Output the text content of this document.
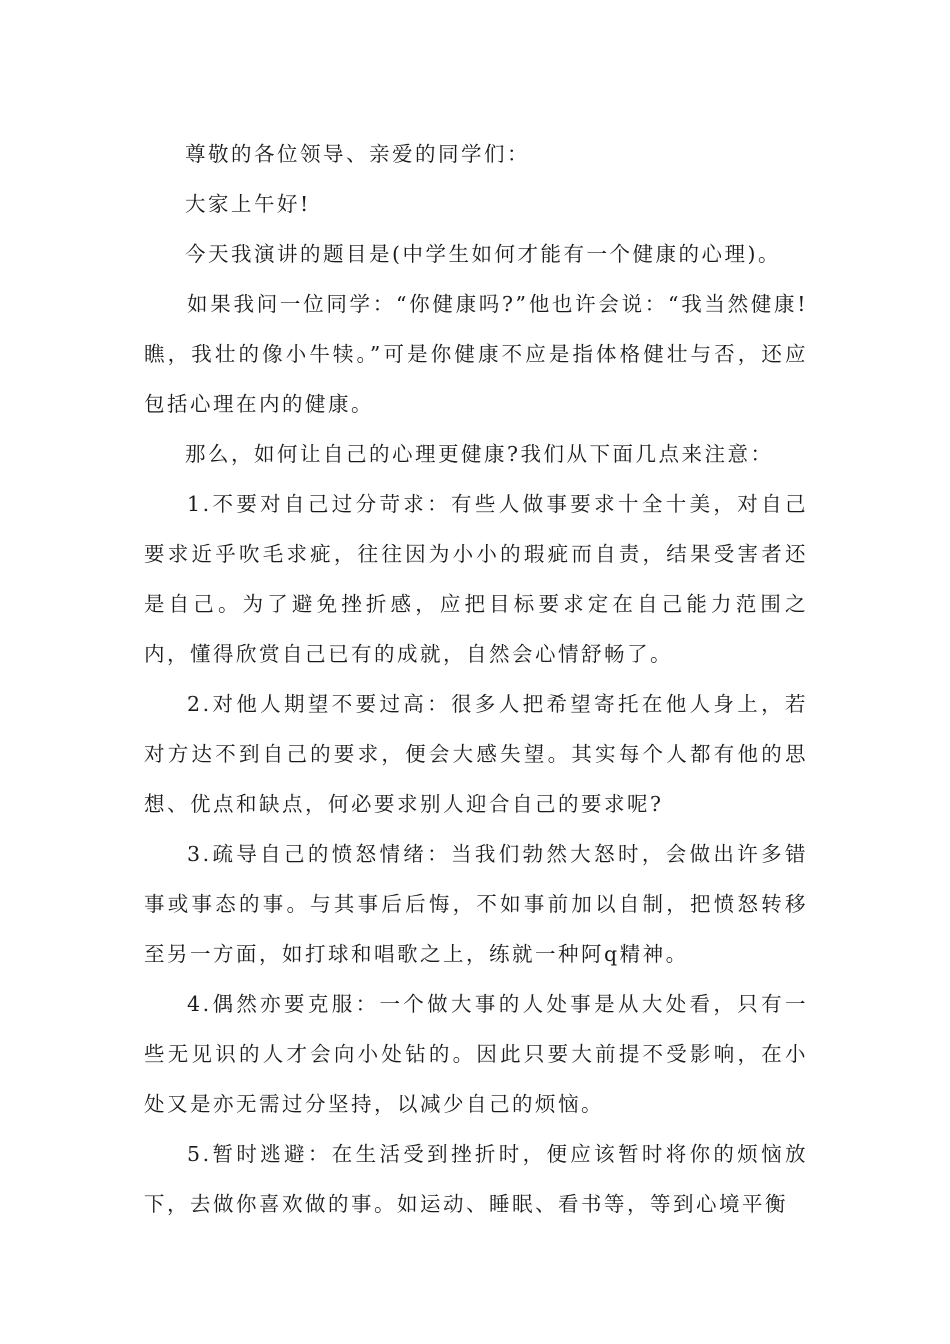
尊敬的各位领导、亲爱的同学们：

大家上午好!

今天我演讲的题目是(中学生如何才能有一个健康的心理)。

如果我问一位同学：“你健康吗?”他也许会说：“我当然健康!瞧，我壮的像小牛犊。”可是你健康不应是指体格健壮与否，还应包括心理在内的健康。

那么，如何让自己的心理更健康?我们从下面几点来注意：

1.不要对自己过分苛求：有些人做事要求十全十美，对自己要求近乎吹毛求疵，往往因为小小的瑕疵而自责，结果受害者还是自己。为了避免挫折感，应把目标要求定在自己能力范围之内，懂得欣赏自己已有的成就，自然会心情舒畅了。

2.对他人期望不要过高：很多人把希望寄托在他人身上，若对方达不到自己的要求，便会大感失望。其实每个人都有他的思想、优点和缺点，何必要求别人迎合自己的要求呢?

3.疏导自己的愤怒情绪：当我们勃然大怒时，会做出许多错事或事态的事。与其事后后悔，不如事前加以自制，把愤怒转移至另一方面，如打球和唱歌之上，练就一种阿q精神。

4.偶然亦要克服：一个做大事的人处事是从大处看，只有一些无见识的人才会向小处钻的。因此只要大前提不受影响，在小处又是亦无需过分坚持，以减少自己的烦恼。

5.暂时逃避：在生活受到挫折时，便应该暂时将你的烦恼放下，去做你喜欢做的事。如运动、睡眠、看书等，等到心境平衡
